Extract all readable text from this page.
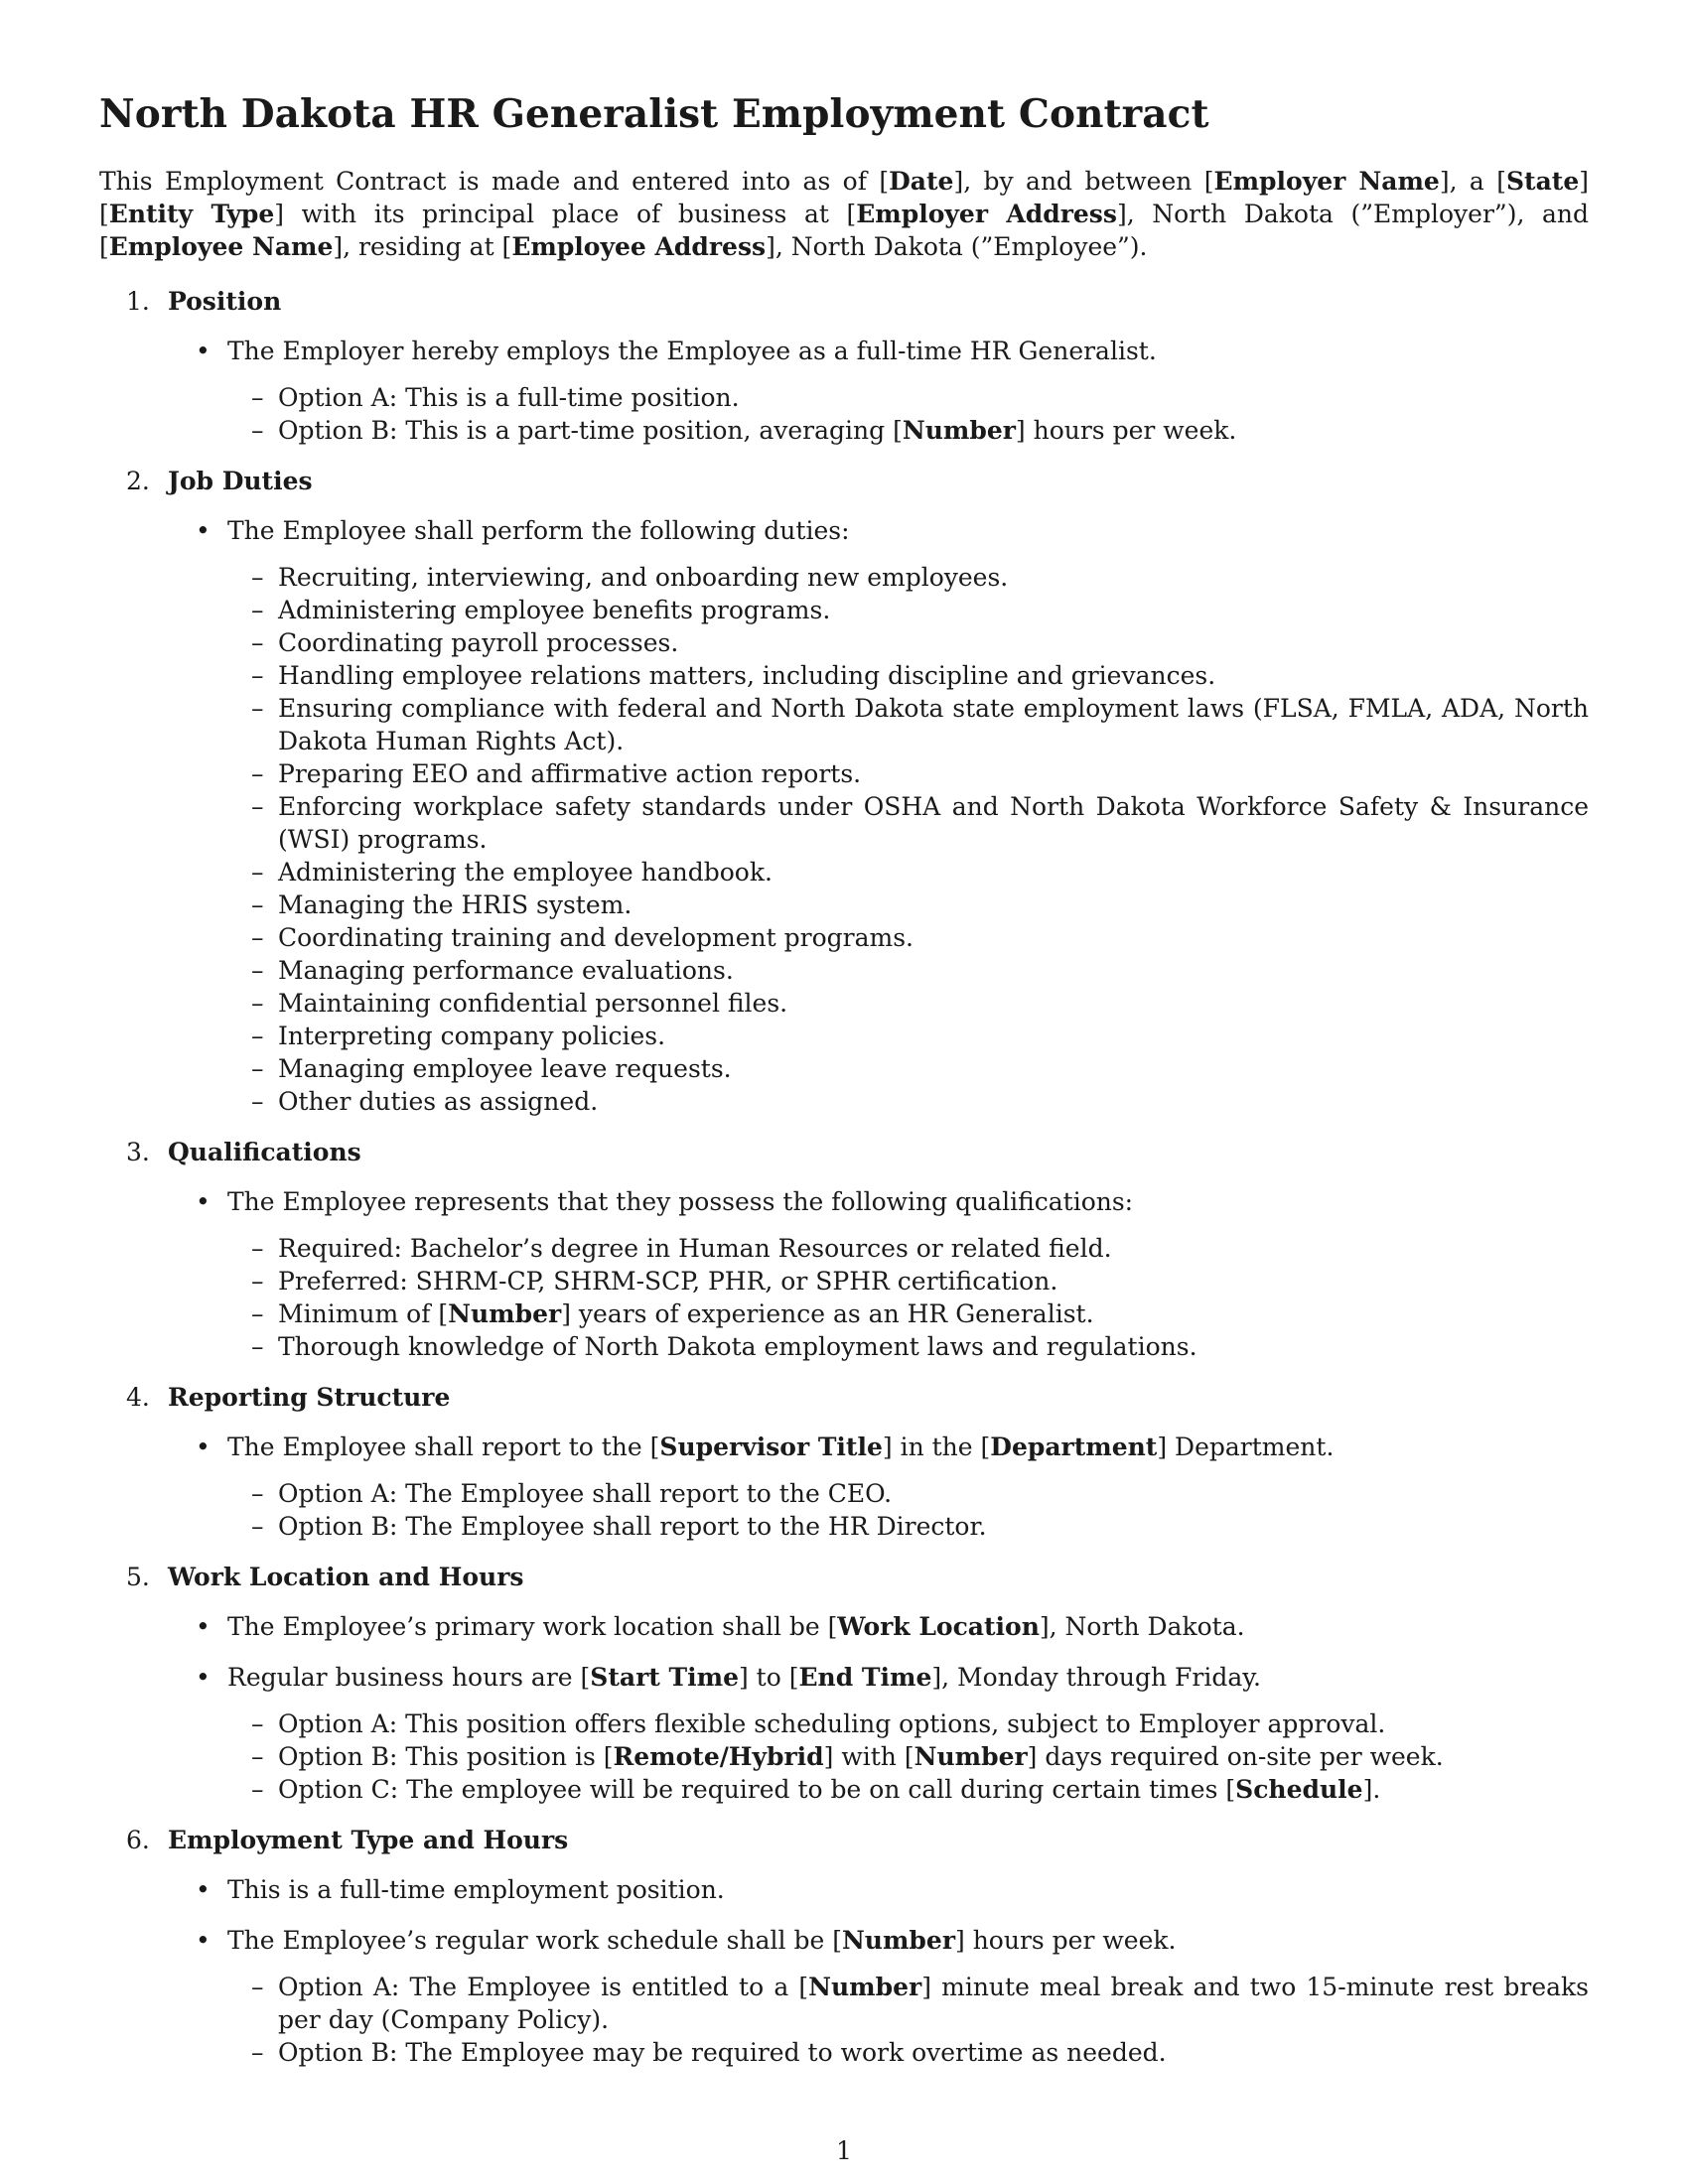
North Dakota HR Generalist Employment Contract

This Employment Contract is made and entered into as of [Date], by and between [Employer Name], a [State] [Entity Type] with its principal place of business at [Employer Address], North Dakota (”Employer”), and [Employee Name], residing at [Employee Address], North Dakota (”Employee”).

1. Position
• The Employer hereby employs the Employee as a full-time HR Generalist.
– Option A: This is a full-time position.
– Option B: This is a part-time position, averaging [Number] hours per week.
2. Job Duties
• The Employee shall perform the following duties:
– Recruiting, interviewing, and onboarding new employees.
– Administering employee benefits programs.
– Coordinating payroll processes.
– Handling employee relations matters, including discipline and grievances.
– Ensuring compliance with federal and North Dakota state employment laws (FLSA, FMLA, ADA, North Dakota Human Rights Act).
– Preparing EEO and affirmative action reports.
– Enforcing workplace safety standards under OSHA and North Dakota Workforce Safety & Insurance (WSI) programs.
– Administering the employee handbook.
– Managing the HRIS system.
– Coordinating training and development programs.
– Managing performance evaluations.
– Maintaining confidential personnel files.
– Interpreting company policies.
– Managing employee leave requests.
– Other duties as assigned.
3. Qualifications
• The Employee represents that they possess the following qualifications:
– Required: Bachelor’s degree in Human Resources or related field.
– Preferred: SHRM-CP, SHRM-SCP, PHR, or SPHR certification.
– Minimum of [Number] years of experience as an HR Generalist.
– Thorough knowledge of North Dakota employment laws and regulations.
4. Reporting Structure
• The Employee shall report to the [Supervisor Title] in the [Department] Department.
– Option A: The Employee shall report to the CEO.
– Option B: The Employee shall report to the HR Director.
5. Work Location and Hours
• The Employee’s primary work location shall be [Work Location], North Dakota.
• Regular business hours are [Start Time] to [End Time], Monday through Friday.
– Option A: This position offers flexible scheduling options, subject to Employer approval.
– Option B: This position is [Remote/Hybrid] with [Number] days required on-site per week.
– Option C: The employee will be required to be on call during certain times [Schedule].
6. Employment Type and Hours
• This is a full-time employment position.
• The Employee’s regular work schedule shall be [Number] hours per week.
– Option A: The Employee is entitled to a [Number] minute meal break and two 15-minute rest breaks per day (Company Policy).
– Option B: The Employee may be required to work overtime as needed.
1
